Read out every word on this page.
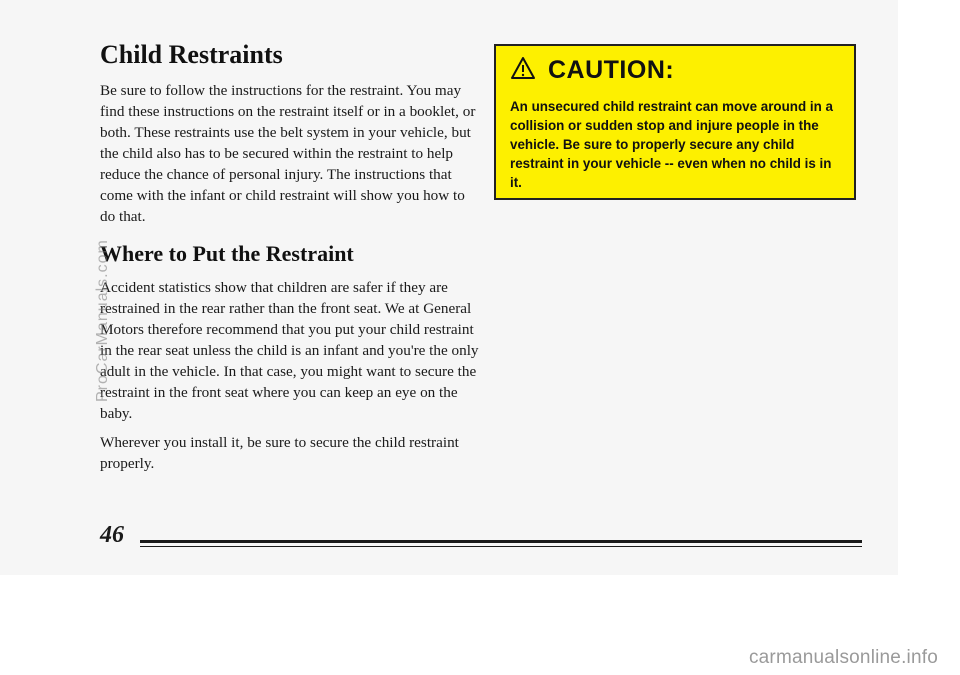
Child Restraints

Be sure to follow the instructions for the restraint. You may find these instructions on the restraint itself or in a booklet, or both. These restraints use the belt system in your vehicle, but the child also has to be secured within the restraint to help reduce the chance of personal injury. The instructions that come with the infant or child restraint will show you how to do that.

Where to Put the Restraint

Accident statistics show that children are safer if they are restrained in the rear rather than the front seat. We at General Motors therefore recommend that you put your child restraint in the rear seat unless the child is an infant and you're the only adult in the vehicle. In that case, you might want to secure the restraint in the front seat where you can keep an eye on the baby.

Wherever you install it, be sure to secure the child restraint properly.

CAUTION:
An unsecured child restraint can move around in a collision or sudden stop and injure people in the vehicle. Be sure to properly secure any child restraint in your vehicle -- even when no child is in it.
46
ProCarManuals.com
carmanualsonline.info
